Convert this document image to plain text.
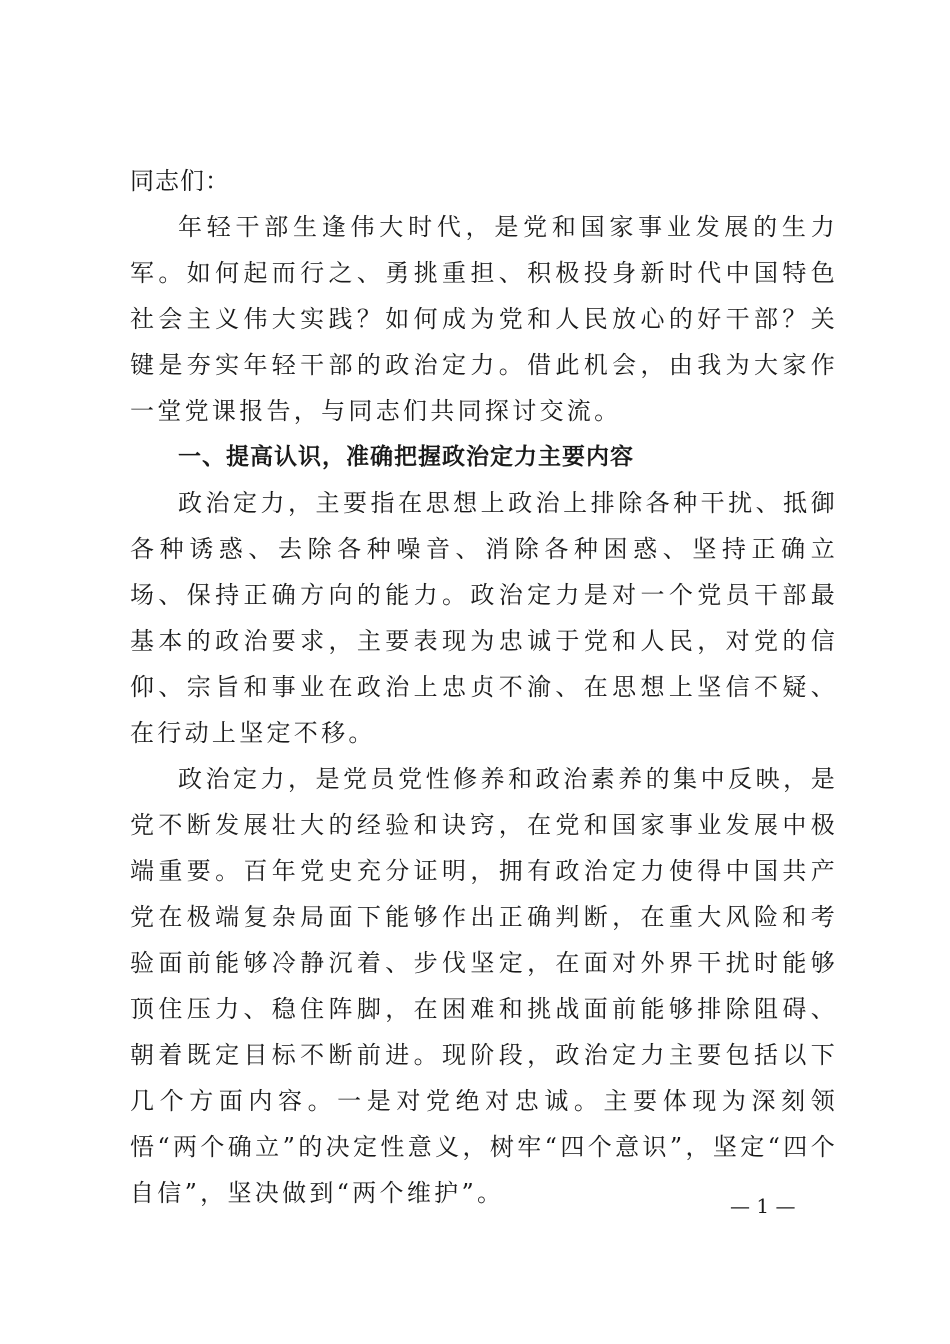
同志们：

年轻干部生逢伟大时代，是党和国家事业发展的生力军。如何起而行之、勇挑重担、积极投身新时代中国特色社会主义伟大实践？如何成为党和人民放心的好干部？关键是夯实年轻干部的政治定力。借此机会，由我为大家作一堂党课报告，与同志们共同探讨交流。

一、提高认识，准确把握政治定力主要内容

政治定力，主要指在思想上政治上排除各种干扰、抵御各种诱惑、去除各种噪音、消除各种困惑、坚持正确立场、保持正确方向的能力。政治定力是对一个党员干部最基本的政治要求，主要表现为忠诚于党和人民，对党的信仰、宗旨和事业在政治上忠贞不渝、在思想上坚信不疑、在行动上坚定不移。

政治定力，是党员党性修养和政治素养的集中反映，是党不断发展壮大的经验和诀窍，在党和国家事业发展中极端重要。百年党史充分证明，拥有政治定力使得中国共产党在极端复杂局面下能够作出正确判断，在重大风险和考验面前能够冷静沉着、步伐坚定，在面对外界干扰时能够顶住压力、稳住阵脚，在困难和挑战面前能够排除阻碍、朝着既定目标不断前进。现阶段，政治定力主要包括以下几个方面内容。一是对党绝对忠诚。主要体现为深刻领悟“两个确立”的决定性意义，树牢“四个意识”，坚定“四个自信”，坚决做到“两个维护”。	— 1 —
